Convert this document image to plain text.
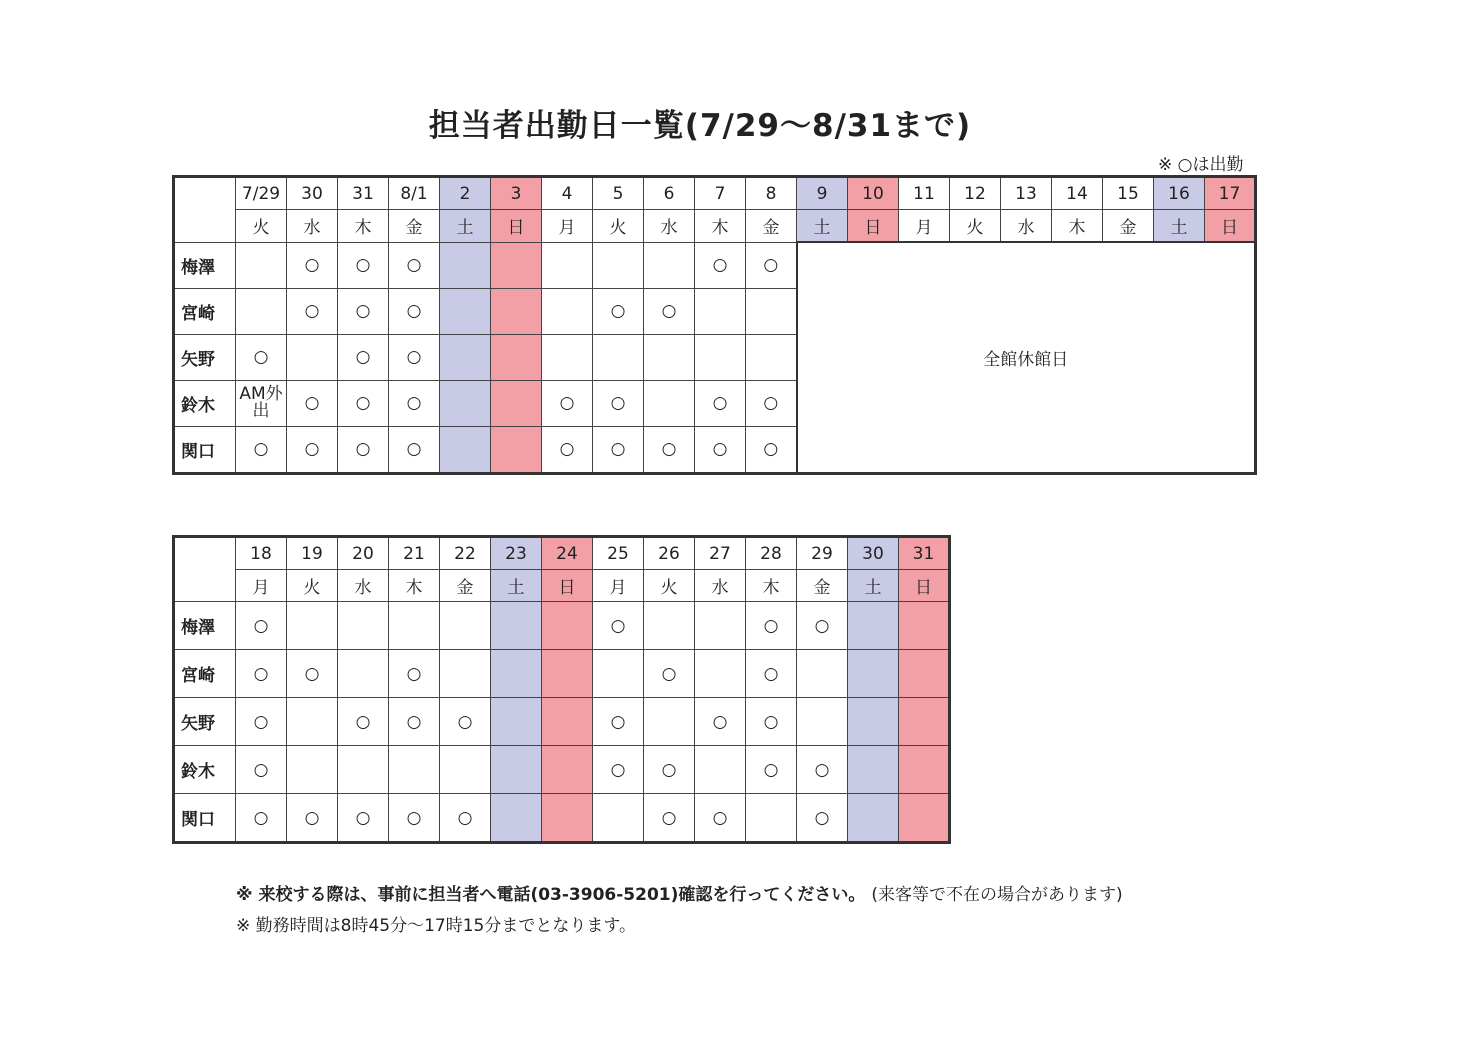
担当者出勤日一覧(7/29〜8/31まで)
※ ○は出勤
	7/29	30	31	8/1	2	3	4	5	6	7	8	9	10	11	12	13	14	15	16	17
	火	水	木	金	土	日	月	火	水	木	金	土	日	月	火	水	木	金	土	日
梅澤		○	○	○						○	○	全館休館日								
宮崎		○	○	○				○	○											
矢野	○		○	○																
鈴木	AM外出	○	○	○			○	○		○	○									
関口	○	○	○	○			○	○	○	○	○									
	18	19	20	21	22	23	24	25	26	27	28	29	30	31
	月	火	水	木	金	土	日	月	火	水	木	金	土	日
梅澤	○							○			○	○		
宮崎	○	○		○					○		○			
矢野	○		○	○	○			○		○	○			
鈴木	○							○	○		○	○		
関口	○	○	○	○	○				○	○		○		
※ 来校する際は、事前に担当者へ電話(03-3906-5201)確認を行ってください。 (来客等で不在の場合があります)
※ 勤務時間は8時45分〜17時15分までとなります。
